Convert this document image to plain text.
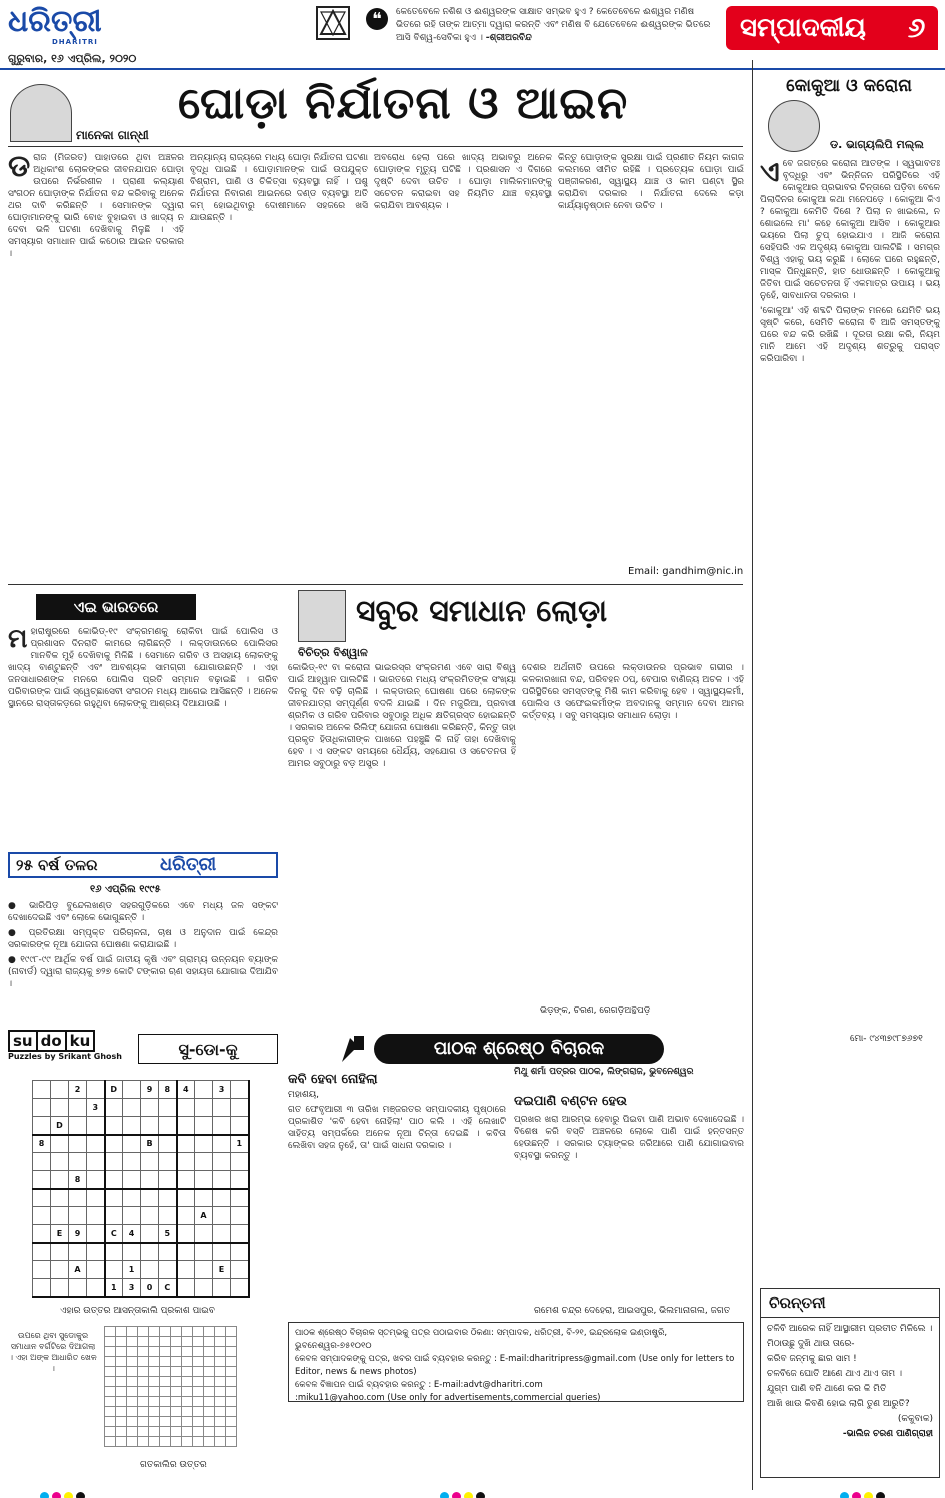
ଧରିତ୍ରୀ
DHARITRI
ଗୁରୁବାର, ୧୬ ଏପ୍ରିଲ, ୨୦୨୦
❝	କେତେବେଳେ ନଶିଶ ଓ ଈଶ୍ୱରଙ୍କ ସାକ୍ଷାତ ସମ୍ଭବ ହୁଏ ? କେତେବେଳେ ଈଶ୍ୱର ମଣିଷ ଭିତରେ ରହି ତାଙ୍କ ଆତ୍ମା ଦ୍ୱାରା କରନ୍ତି ଏବଂ ମଣିଷ ବି ଯେତେବେଳେ ଈଶ୍ୱରଙ୍କ ଭିତରେ ଆସି ବିଶ୍ୱ-ସେବିକା ହୁଏ । -ଶ୍ରୀଅରବିନ୍ଦ	ସମ୍ପାଦକୀୟ	୬
ମାନେକା ଗାନ୍ଧୀ
ଘୋଡ଼ା ନିର୍ଯାତନା ଓ ଆଇନ
ଡ ରାଜ (ମିଜରତ) ପାହାଡରେ ଥିବା ଅଞ୍ଚଳର ଅଧିକାଂଶ ଲୋକଙ୍କର ଜୀବନଯାପନ ଘୋଡ଼ା ଉପରେ ନିର୍ଭରଶୀଳ । ପ୍ରାଣୀ କଲ୍ୟାଣ ସଂଗଠନ ଘୋଡ଼ାଙ୍କ ନିର୍ଯାତନା ବନ୍ଦ କରିବାକୁ ଅନେକ ଥର ଦାବି କରିଛନ୍ତି । ସେମାନଙ୍କ ଦ୍ୱାରା ଘୋଡ଼ାମାନଙ୍କୁ ଭାରି ବୋଝ ବୁହାଇବା ଓ ଖାଦ୍ୟ ନ ଦେବା ଭଳି ଘଟଣା ଦେଖିବାକୁ ମିଳୁଛି । ଏହି ସମସ୍ୟାର ସମାଧାନ ପାଇଁ କଠୋର ଆଇନ ଦରକାର ।
ଅନ୍ୟାନ୍ୟ ରାଜ୍ୟରେ ମଧ୍ୟ ଘୋଡ଼ା ନିର୍ଯାତନା ଘଟଣା ବୃଦ୍ଧି ପାଇଛି । ଘୋଡ଼ାମାନଙ୍କ ପାଇଁ ଉପଯୁକ୍ତ ବିଶ୍ରାମ, ପାଣି ଓ ଚିକିତ୍ସା ବ୍ୟବସ୍ଥା ନାହିଁ । ପଶୁ ନିର୍ଯାତନା ନିବାରଣ ଆଇନରେ ଦଣ୍ଡ ବ୍ୟବସ୍ଥା ଅତି କମ୍ ହୋଇଥିବାରୁ ଦୋଷୀମାନେ ସହଜରେ ଖସି ଯାଉଛନ୍ତି ।
ଅବରୋଧ ହେଲା ପରେ ଖାଦ୍ୟ ଅଭାବରୁ ଅନେକ ଘୋଡ଼ାଙ୍କ ମୃତ୍ୟୁ ଘଟିଛି । ପ୍ରଶାସନ ଏ ଦିଗରେ ଦୃଷ୍ଟି ଦେବା ଉଚିତ । ଘୋଡ଼ା ମାଲିକମାନଙ୍କୁ ସଚେତନ କରାଇବା ସହ ନିୟମିତ ଯାଞ୍ଚ ବ୍ୟବସ୍ଥା କରାଯିବା ଆବଶ୍ୟକ ।
କିନ୍ତୁ ଘୋଡ଼ାଙ୍କ ସୁରକ୍ଷା ପାଇଁ ପ୍ରଣୀତ ନିୟମ କାଗଜ କଲମରେ ସୀମିତ ରହିଛି । ପ୍ରତ୍ୟେକ ଘୋଡ଼ା ପାଇଁ ପଞ୍ଜୀକରଣ, ସ୍ୱାସ୍ଥ୍ୟ ଯାଞ୍ଚ ଓ କାମ ଘଣ୍ଟା ସ୍ଥିର କରାଯିବା ଦରକାର । ନିର୍ଯାତନା ଦେଲେ କଡ଼ା କାର୍ଯ୍ୟାନୁଷ୍ଠାନ ନେବା ଉଚିତ ।
Email: gandhim@nic.in
କୋକୁଆ ଓ କରୋନା
ଡ. ଭାଗ୍ୟଲିପି ମଲ୍ଲ
ଏ ବେ ଜଗତ୍ରେ କରୋନା ଆତଙ୍କ । ସ୍ୱଭାବତଃ ବୃଦ୍ଧିରୁ ଏବଂ ଭିନ୍ନିଜନ ପରିସ୍ଥିତିରେ ଏହି କୋକୁଆର ପ୍ରଭାବର ଚିନ୍ତାରେ ପଡ଼ିବା ବେଳେ ପିଲାଦିନର କୋକୁଆ କଥା ମନେପଡ଼େ । କୋକୁଆ କିଏ ? କୋକୁଆ କେମିତି ଦିଶେ ? ପିଲା ନ ଖାଇଲେ, ନ ଶୋଇଲେ ମା' କହେ କୋକୁଆ ଆସିବ । କୋକୁଆର ଭୟରେ ପିଲା ଚୁପ୍ ହୋଇଯାଏ । ଆଜି କରୋନା ସେହିପରି ଏକ ଅଦୃଶ୍ୟ କୋକୁଆ ପାଲଟିଛି । ସମଗ୍ର ବିଶ୍ୱ ଏହାକୁ ଭୟ କରୁଛି । ଲୋକେ ଘରେ ରହୁଛନ୍ତି, ମାସ୍କ ପିନ୍ଧୁଛନ୍ତି, ହାତ ଧୋଉଛନ୍ତି । କୋକୁଆକୁ ଜିତିବା ପାଇଁ ସଚେତନତା ହିଁ ଏକମାତ୍ର ଉପାୟ । ଭୟ ନୁହେଁ, ସାବଧାନତା ଦରକାର ।

'କୋକୁଆ' ଏହି ଶବ୍ଦଟି ପିଲାଙ୍କ ମନରେ ଯେମିତି ଭୟ ସୃଷ୍ଟି କରେ, ସେମିତି କରୋନା ବି ଆଜି ସମସ୍ତଙ୍କୁ ଘରେ ବନ୍ଦ କରି ରଖିଛି । ଦୂରତା ରକ୍ଷା କରି, ନିୟମ ମାନି ଆମେ ଏହି ଅଦୃଶ୍ୟ ଶତ୍ରୁକୁ ପରାସ୍ତ କରିପାରିବା ।

ମୋ- ୯୪୩୭୯୮୭୬୭୧
ଚିରନ୍ତନୀ
ଚଳିବି ଆରେକ ନାହିଁ ଆସ୍ଥାରୀମ ପ୍ରତୀତ ମିଳିଲେ ।
ମିଠାଉଛୁ ଦୁଖି ଥାଉ ତାରେ-
କରିବ ଜନ୍ମକୁ ଛାର ସାମ !
ଚଳବିଜେ ଘୋତି ଆଣେ ଥାଏ ଥାଏ ତାମ ।
ଯୁଗ୍ମ ପାଣି ବନି ଥାଣେ କର କି ମିତି
ଆଖି ଖାଉ କିବଣି ହୋଇ ଲାଗି ତୁଣ ଆରୁତି?
(କକୁବାକ)
-ଭାଲିଜ ଚରଣ ପାଣିଗ୍ରାହୀ
ଏଇ ଭାରତରେ
ମ ହାରାଷ୍ଟ୍ରରେ କୋଭିଡ୍-୧୯ ସଂକ୍ରମଣକୁ ରୋକିବା ପାଇଁ ପୋଲିସ ଓ ପ୍ରଶାସନ ଦିନରାତି କାମରେ ଲାଗିଛନ୍ତି । ଲକ୍ଡାଉନରେ ପୋଲିସର ମାନବିକ ମୁହଁ ଦେଖିବାକୁ ମିଳିଛି । ସେମାନେ ଗରିବ ଓ ଅସହାୟ ଲୋକଙ୍କୁ ଖାଦ୍ୟ ବାଣ୍ଟୁଛନ୍ତି ଏବଂ ଆବଶ୍ୟକ ସାମଗ୍ରୀ ଯୋଗାଉଛନ୍ତି । ଏହା ଜନସାଧାରଣଙ୍କ ମନରେ ପୋଲିସ ପ୍ରତି ସମ୍ମାନ ବଢ଼ାଇଛି । ଗରିବ ପରିବାରଙ୍କ ପାଇଁ ସ୍ୱେଚ୍ଛାସେବୀ ସଂଗଠନ ମଧ୍ୟ ଆଗେଇ ଆସିଛନ୍ତି । ଅନେକ ସ୍ଥାନରେ ରାସ୍ତାକଡ଼ରେ ରହୁଥିବା ଲୋକଙ୍କୁ ଆଶ୍ରୟ ଦିଆଯାଉଛି ।
୨୫ ବର୍ଷ ତଳର	ଧରିତ୍ରୀ
୧୬ ଏପ୍ରିଲ ୧୯୯୫

● ଭାରିପିଡ଼ ବୁନ୍ଦେଲଖଣ୍ଡ ସହରଗୁଡ଼ିକରେ ଏବେ ମଧ୍ୟ ଜଳ ସଙ୍କଟ ଦେଖାଦେଇଛି ଏବଂ ଲୋକେ ଭୋଗୁଛନ୍ତି ।

● ପ୍ରତିରକ୍ଷା ସମ୍ପୃକ୍ତ ପରିଚାଳନା, ଚାଷ ଓ ଅନୁଦାନ ପାଇଁ କେନ୍ଦ୍ର ସରକାରଙ୍କ ନୂଆ ଯୋଜନା ଘୋଷଣା କରାଯାଇଛି ।

● ୧୯୯୮-୯୯ ଆର୍ଥିକ ବର୍ଷ ପାଇଁ ଜାତୀୟ କୃଷି ଏବଂ ଗ୍ରାମ୍ୟ ଉନ୍ନୟନ ବ୍ୟାଙ୍କ (ନାବାର୍ଡ) ଦ୍ୱାରା ରାଜ୍ୟକୁ ୭୨୭ କୋଟି ଟଙ୍କାର ଋଣ ସହାୟତା ଯୋଗାଇ ଦିଆଯିବ ।

su do ku
Puzzles by Srikant Ghosh	ସୁ-ଡୋ-କୁ
		2		D		9	8	4		3	
			3								
	D										
8						B					1

		8									

									A		
	E	9		C	4		5				

		A			1					E	
				1	3	0	C				
ଏହାର ଉତ୍ତର ଆସନ୍ତାକାଲି ପ୍ରକାଶ ପାଇବ
ଉପରେ ଥିବା ସୁଡୋକୁର ସମାଧାନ ବର୍ଗଟିରେ ଦିଆଗଲା । ଏହା ଅଙ୍କ ଆଧାରିତ ଖେଳ ।

ଗତକାଲିର ଉତ୍ତର
ସବୁର ସମାଧାନ ଲୋଡ଼ା
ବିଚିତ୍ର ବିଶ୍ୱାଳ
କୋଭିଡ୍-୧୯ ବା କରୋନା ଭାଇରସ୍ର ସଂକ୍ରମଣ ଏବେ ସାରା ବିଶ୍ୱ ପାଇଁ ଆହ୍ୱାନ ପାଲଟିଛି । ଭାରତରେ ମଧ୍ୟ ସଂକ୍ରମିତଙ୍କ ସଂଖ୍ୟା ଦିନକୁ ଦିନ ବଢ଼ି ଚାଲିଛି । ଲକ୍ଡାଉନ୍ ଘୋଷଣା ପରେ ଲୋକଙ୍କ ଜୀବନଯାତ୍ରା ସମ୍ପୂର୍ଣ୍ଣ ବଦଳି ଯାଇଛି । ଦିନ ମଜୁରିଆ, ପ୍ରବାସୀ ଶ୍ରମିକ ଓ ଗରିବ ପରିବାର ସବୁଠାରୁ ଅଧିକ କ୍ଷତିଗ୍ରସ୍ତ ହୋଇଛନ୍ତି । ସରକାର ଅନେକ ରିଲିଫ୍ ଯୋଜନା ଘୋଷଣା କରିଛନ୍ତି, କିନ୍ତୁ ତାହା ପ୍ରକୃତ ହିତାଧିକାରୀଙ୍କ ପାଖରେ ପହଞ୍ଚୁଛି କି ନାହିଁ ତାହା ଦେଖିବାକୁ ହେବ । ଏ ସଙ୍କଟ ସମୟରେ ଧୈର୍ଯ୍ୟ, ସହଯୋଗ ଓ ସଚେତନତା ହିଁ ଆମର ସବୁଠାରୁ ବଡ଼ ଅସ୍ତ୍ର ।
ଦେଶର ଅର୍ଥନୀତି ଉପରେ ଲକ୍ଡାଉନର ପ୍ରଭାବ ଗଭୀର । କଳକାରଖାନା ବନ୍ଦ, ପରିବହନ ଠପ୍, ବେପାର ବାଣିଜ୍ୟ ଅଚଳ । ଏହି ପରିସ୍ଥିତିରେ ସମସ୍ତଙ୍କୁ ମିଶି କାମ କରିବାକୁ ହେବ । ସ୍ୱାସ୍ଥ୍ୟକର୍ମୀ, ପୋଲିସ ଓ ସଫେଇକର୍ମୀଙ୍କ ଅବଦାନକୁ ସମ୍ମାନ ଦେବା ଆମର କର୍ତ୍ତବ୍ୟ । ସବୁ ସମସ୍ୟାର ସମାଧାନ ଲୋଡ଼ା ।
ଭିଡ଼ଙ୍କ, ଚିରଣ, ରେଗଡ଼ିଅନ୍ଥିପଡ଼ି
ପାଠକ ଶ୍ରେଷ୍ଠ ବିଚାରକ
କବି ହେବା ନୋହିଲା
ମହାଶୟ,
ଗତ ଫେବୃଆରୀ ୩ ତାରିଖ ମଞ୍ଜରତର ସମ୍ପାଦକୀୟ ପୃଷ୍ଠାରେ ପ୍ରକାଶିତ 'କବି ହେବା ନୋହିଲା' ପାଠ କଲି । ଏହି ଲେଖାଟି ସାହିତ୍ୟ ସମ୍ପର୍କରେ ଅନେକ ନୂଆ ଚିନ୍ତା ଦେଇଛି । କବିତା ଲେଖିବା ସହଜ ନୁହେଁ, ତା' ପାଇଁ ସାଧନା ଦରକାର ।
ମିଥୁ ଶର୍ମା ପତ୍ରର ପାଠକ, ଲିଙ୍ଗରାଜ, ଭୁବନେଶ୍ୱର
ଦଇପାଣି ବଣ୍ଟନ ହେଉ
ପ୍ରଖର ଖରା ଆରମ୍ଭ ହେବାରୁ ପିଇବା ପାଣି ଅଭାବ ଦେଖାଦେଇଛି । ବିଶେଷ କରି ବସ୍ତି ଅଞ୍ଚଳରେ ଲୋକେ ପାଣି ପାଇଁ ହନ୍ତସନ୍ତ ହେଉଛନ୍ତି । ସରକାର ଟ୍ୟାଙ୍କର ଜରିଆରେ ପାଣି ଯୋଗାଇବାର ବ୍ୟବସ୍ଥା କରନ୍ତୁ ।
ରମେଶ ଚନ୍ଦ୍ର ଦେହେରା, ଆଇସପୁର, ଭିଲମାନାଗଲ, ଜଗତ
ପାଠକ ଶ୍ରେଷ୍ଠ ବିଚାରକ ସ୍ତମ୍ଭକୁ ପତ୍ର ପଠାଇବାର ଠିକଣା: ସମ୍ପାଦକ, ଧରିତ୍ରୀ, ବି-୨୧, ଇନ୍ଦ୍ରଲୋକ ଇଣ୍ଡାଷ୍ଟ୍ରି, ଭୁବନେଶ୍ୱର-୭୫୧୦୧୦
କେବଳ ସମ୍ପାଦକଙ୍କୁ ପତ୍ର, ଖବର ପାଇଁ ବ୍ୟବହାର କରନ୍ତୁ : E-mail:dharitripress@gmail.com (Use only for letters to Editor, news & news photos)
କେବଳ ବିଜ୍ଞାପନ ପାଇଁ ବ୍ୟବହାର କରନ୍ତୁ : E-mail:advt@dharitri.com
:miku11@yahoo.com (Use only for advertisements,commercial queries)
